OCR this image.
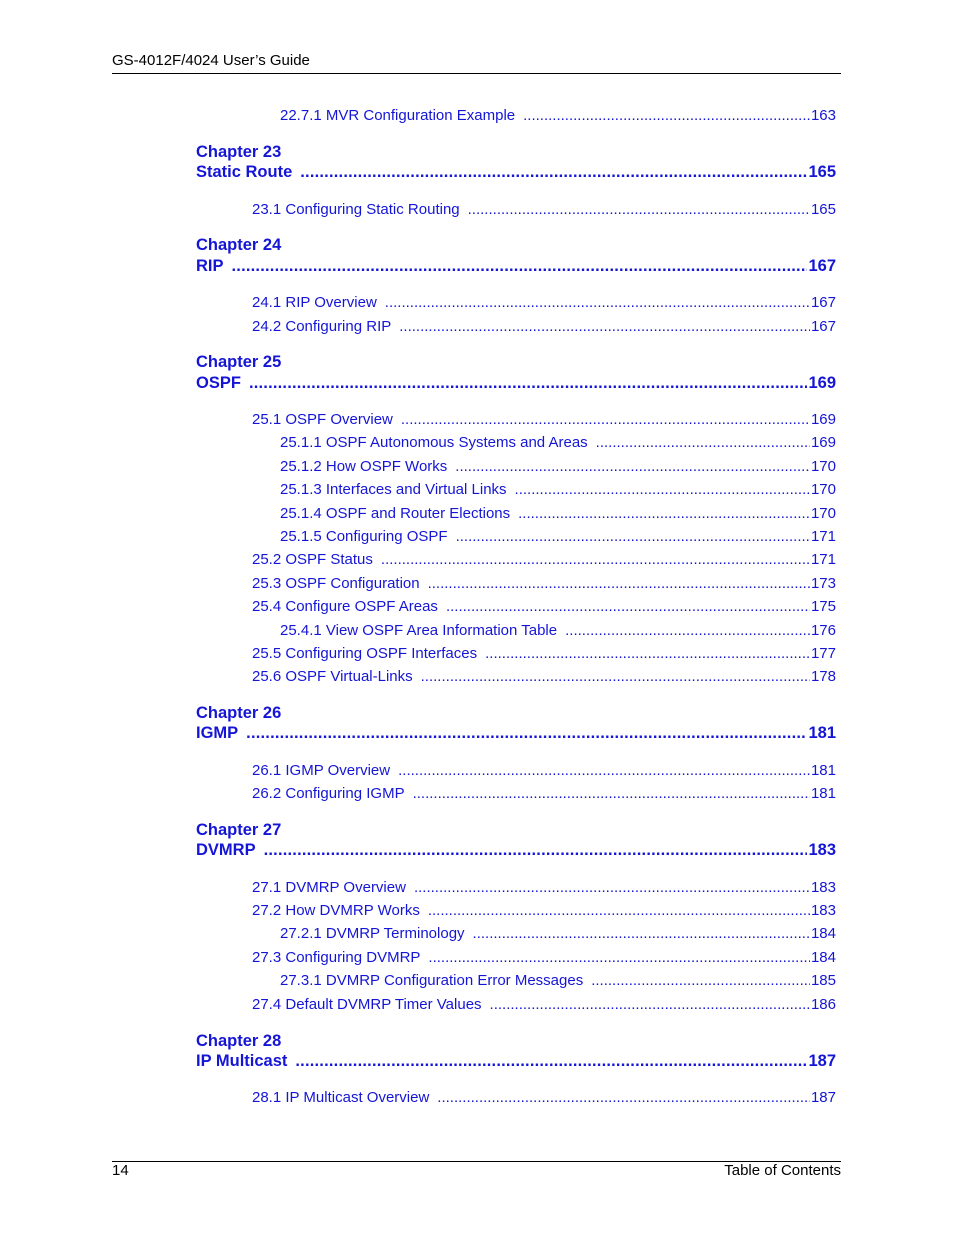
GS-4012F/4024 User’s Guide
22.7.1 MVR Configuration Example .....	163
Chapter 23
Static Route .....	165
23.1 Configuring Static Routing .....	165
Chapter 24
RIP .....	167
24.1 RIP Overview .....	167
24.2 Configuring RIP .....	167
Chapter 25
OSPF .....	169
25.1 OSPF Overview .....	169
25.1.1 OSPF Autonomous Systems and Areas .....	169
25.1.2 How OSPF Works .....	170
25.1.3 Interfaces and Virtual Links .....	170
25.1.4 OSPF and Router Elections .....	170
25.1.5 Configuring OSPF .....	171
25.2 OSPF Status .....	171
25.3 OSPF Configuration .....	173
25.4 Configure OSPF Areas .....	175
25.4.1 View OSPF Area Information Table .....	176
25.5 Configuring OSPF Interfaces .....	177
25.6 OSPF Virtual-Links .....	178
Chapter 26
IGMP .....	181
26.1 IGMP Overview .....	181
26.2 Configuring IGMP .....	181
Chapter 27
DVMRP .....	183
27.1 DVMRP Overview .....	183
27.2 How DVMRP Works .....	183
27.2.1 DVMRP Terminology .....	184
27.3 Configuring DVMRP .....	184
27.3.1 DVMRP Configuration Error Messages .....	185
27.4 Default DVMRP Timer Values .....	186
Chapter 28
IP Multicast .....	187
28.1 IP Multicast Overview .....	187
14	Table of Contents
